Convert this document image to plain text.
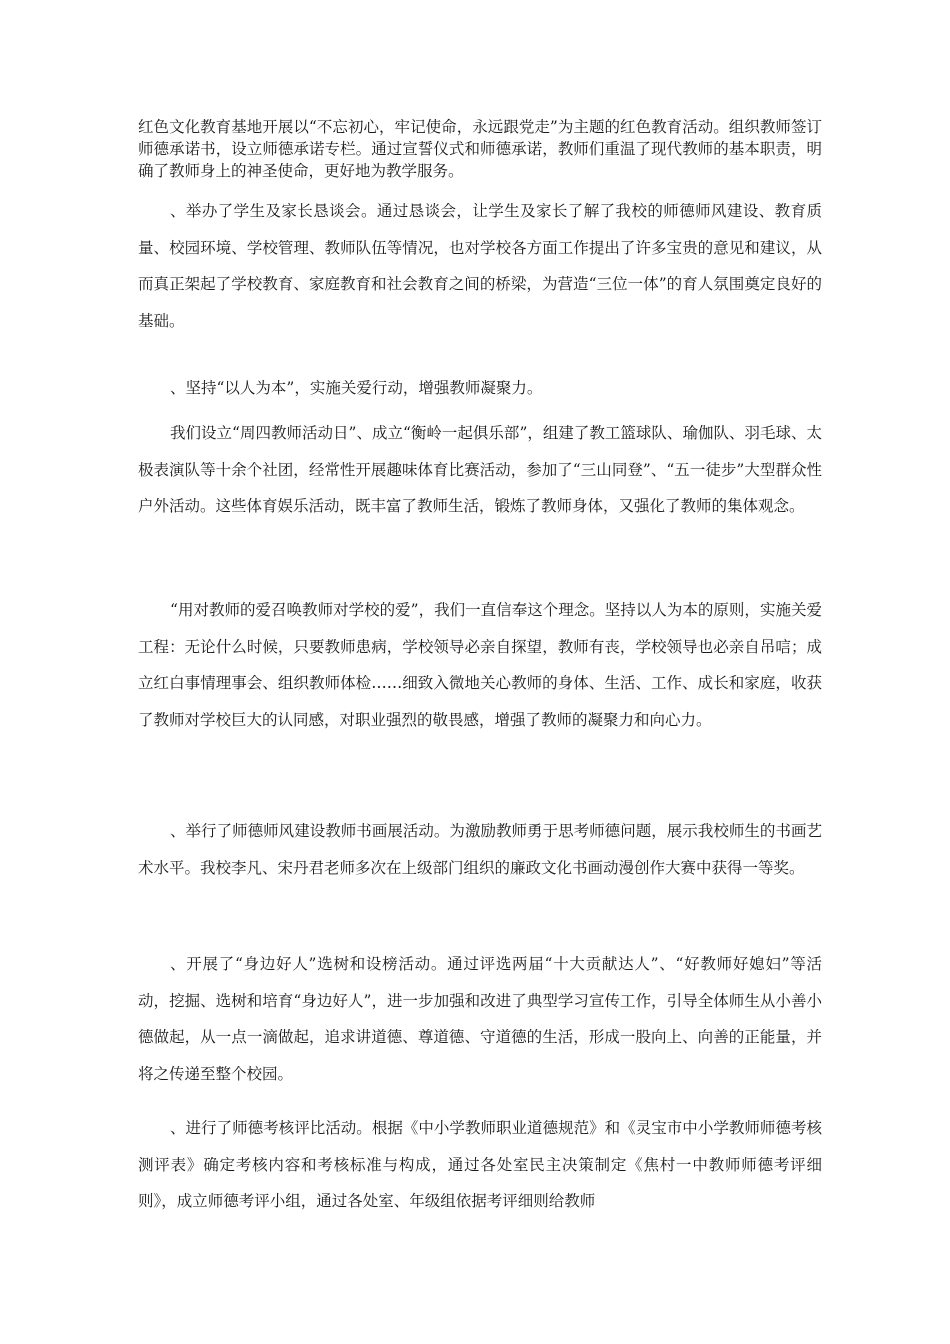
红色文化教育基地开展以“不忘初心，牢记使命，永远跟党走”为主题的红色教育活动。组织教师签订师德承诺书，设立师德承诺专栏。通过宣誓仪式和师德承诺，教师们重温了现代教师的基本职责，明确了教师身上的神圣使命，更好地为教学服务。

、举办了学生及家长恳谈会。通过恳谈会，让学生及家长了解了我校的师德师风建设、教育质量、校园环境、学校管理、教师队伍等情况，也对学校各方面工作提出了许多宝贵的意见和建议，从而真正架起了学校教育、家庭教育和社会教育之间的桥梁，为营造“三位一体”的育人氛围奠定良好的基础。

、坚持“以人为本”，实施关爱行动，增强教师凝聚力。

我们设立“周四教师活动日”、成立“衡岭一起俱乐部”，组建了教工篮球队、瑜伽队、羽毛球、太极表演队等十余个社团，经常性开展趣味体育比赛活动，参加了“三山同登”、“五一徒步”大型群众性户外活动。这些体育娱乐活动，既丰富了教师生活，锻炼了教师身体，又强化了教师的集体观念。

“用对教师的爱召唤教师对学校的爱”，我们一直信奉这个理念。坚持以人为本的原则，实施关爱工程：无论什么时候，只要教师患病，学校领导必亲自探望，教师有丧，学校领导也必亲自吊唁；成立红白事情理事会、组织教师体检……细致入微地关心教师的身体、生活、工作、成长和家庭，收获了教师对学校巨大的认同感，对职业强烈的敬畏感，增强了教师的凝聚力和向心力。

、举行了师德师风建设教师书画展活动。为激励教师勇于思考师德问题，展示我校师生的书画艺术水平。我校李凡、宋丹君老师多次在上级部门组织的廉政文化书画动漫创作大赛中获得一等奖。

、开展了“身边好人”选树和设榜活动。通过评选两届“十大贡献达人”、“好教师好媳妇”等活动，挖掘、选树和培育“身边好人”，进一步加强和改进了典型学习宣传工作，引导全体师生从小善小德做起，从一点一滴做起，追求讲道德、尊道德、守道德的生活，形成一股向上、向善的正能量，并将之传递至整个校园。

、进行了师德考核评比活动。根据《中小学教师职业道德规范》和《灵宝市中小学教师师德考核测评表》确定考核内容和考核标准与构成，通过各处室民主决策制定《焦村一中教师师德考评细则》，成立师德考评小组，通过各处室、年级组依据考评细则给教师
